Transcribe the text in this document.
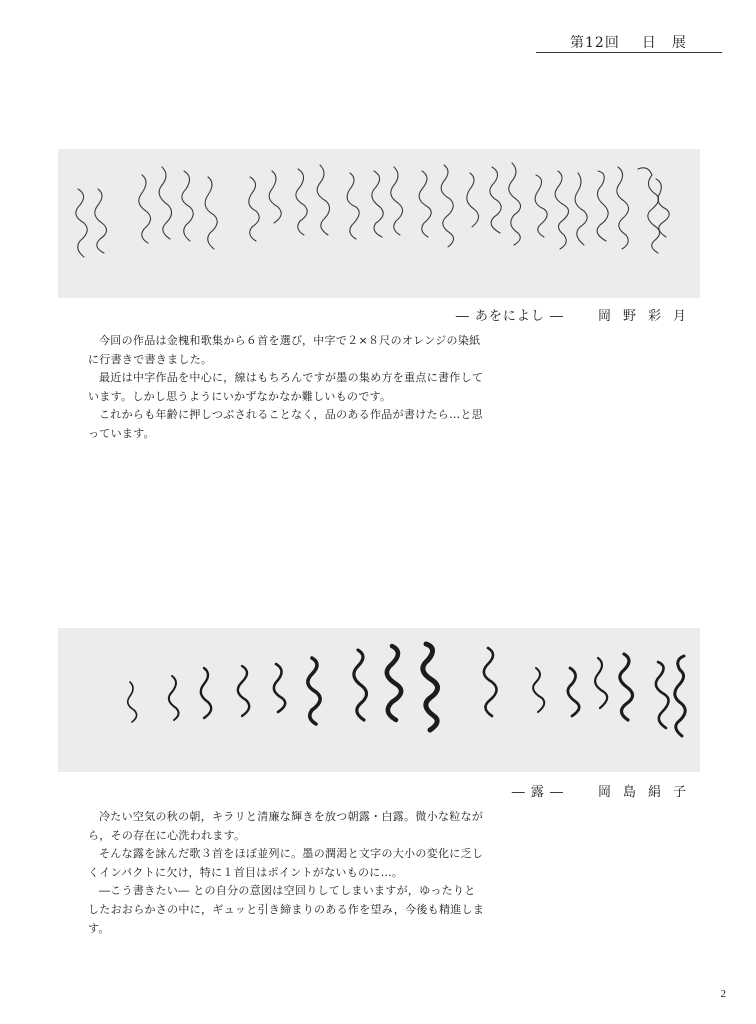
第12回 日展
― あをによし ―	岡野彩月

今回の作品は金槐和歌集から６首を選び，中字で２×８尺のオレンジの染紙に行書きで書きました。

最近は中字作品を中心に，線はもちろんですが墨の集め方を重点に書作しています。しかし思うようにいかずなかなか難しいものです。

これからも年齢に押しつぶされることなく，品のある作品が書けたら…と思っています。

― 露 ―	岡島絹子

冷たい空気の秋の朝，キラリと清廉な輝きを放つ朝露・白露。微小な粒ながら，その存在に心洗われます。

そんな露を詠んだ歌３首をほぼ並列に。墨の潤渇と文字の大小の変化に乏しくインパクトに欠け，特に１首目はポイントがないものに…。

―こう書きたい― との自分の意図は空回りしてしまいますが，ゆったりとしたおおらかさの中に，ギュッと引き締まりのある作を望み，今後も精進します。

2
